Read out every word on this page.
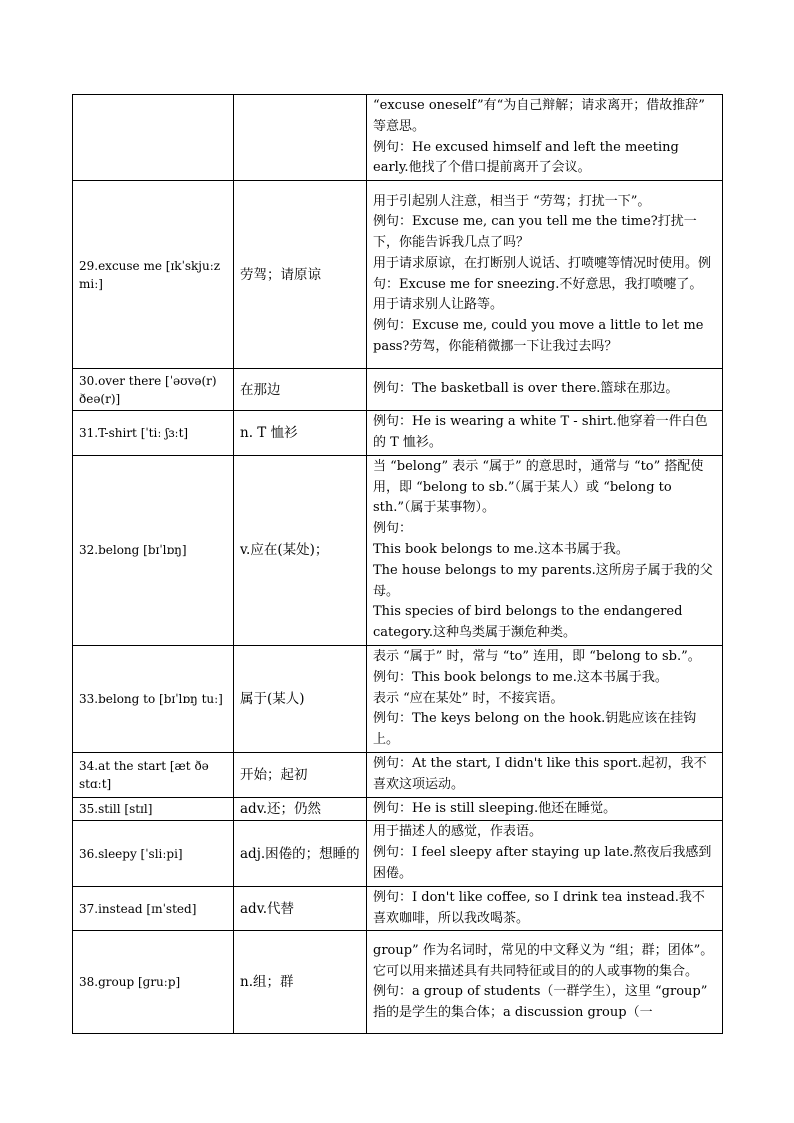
		“excuse oneself”有“为自己辩解；请求离开；借故推辞” 等意思。
例句：He excused himself and left the meeting early.他找了个借口提前离开了会议。

29.excuse me [ɪkˈskjuːz miː]	劳驾；请原谅	用于引起别人注意，相当于 “劳驾；打扰一下”。
例句：Excuse me, can you tell me the time?打扰一下，你能告诉我几点了吗？
用于请求原谅，在打断别人说话、打喷嚏等情况时使用。例句：Excuse me for sneezing.不好意思，我打喷嚏了。
用于请求别人让路等。
例句：Excuse me, could you move a little to let me pass?劳驾，你能稍微挪一下让我过去吗？

30.over there [ˈəʊvə(r) ðeə(r)]	在那边	例句：The basketball is over there.篮球在那边。

31.T-shirt [ˈtiː ʃɜːt]	n. T 恤衫	例句：He is wearing a white T - shirt.他穿着一件白色的 T 恤衫。

32.belong [bɪˈlɒŋ]	v.应在(某处)；	当 “belong” 表示 “属于” 的意思时，通常与 “to” 搭配使用，即 “belong to sb.”（属于某人）或 “belong to sth.”（属于某事物）。
例句：
This book belongs to me.这本书属于我。
The house belongs to my parents.这所房子属于我的父母。
This species of bird belongs to the endangered category.这种鸟类属于濒危种类。

33.belong to [bɪˈlɒŋ tuː]	属于(某人)	表示 “属于” 时，常与 “to” 连用，即 “belong to sb.”。
例句：This book belongs to me.这本书属于我。
表示 “应在某处” 时，不接宾语。
例句：The keys belong on the hook.钥匙应该在挂钩上。

34.at the start [æt ðə stɑːt]	开始；起初	例句：At the start, I didn't like this sport.起初，我不喜欢这项运动。

35.still [stɪl]	adv.还；仍然	例句：He is still sleeping.他还在睡觉。

36.sleepy [ˈsliːpi]	adj.困倦的；想睡的	用于描述人的感觉，作表语。
例句：I feel sleepy after staying up late.熬夜后我感到困倦。

37.instead [ɪnˈsted]	adv.代替	例句：I don't like coffee, so I drink tea instead.我不喜欢咖啡，所以我改喝茶。

38.group [ɡruːp]	n.组；群	group” 作为名词时，常见的中文释义为 “组；群；团体”。它可以用来描述具有共同特征或目的的人或事物的集合。
例句：a group of students（一群学生），这里 “group” 指的是学生的集合体；a discussion group（一
